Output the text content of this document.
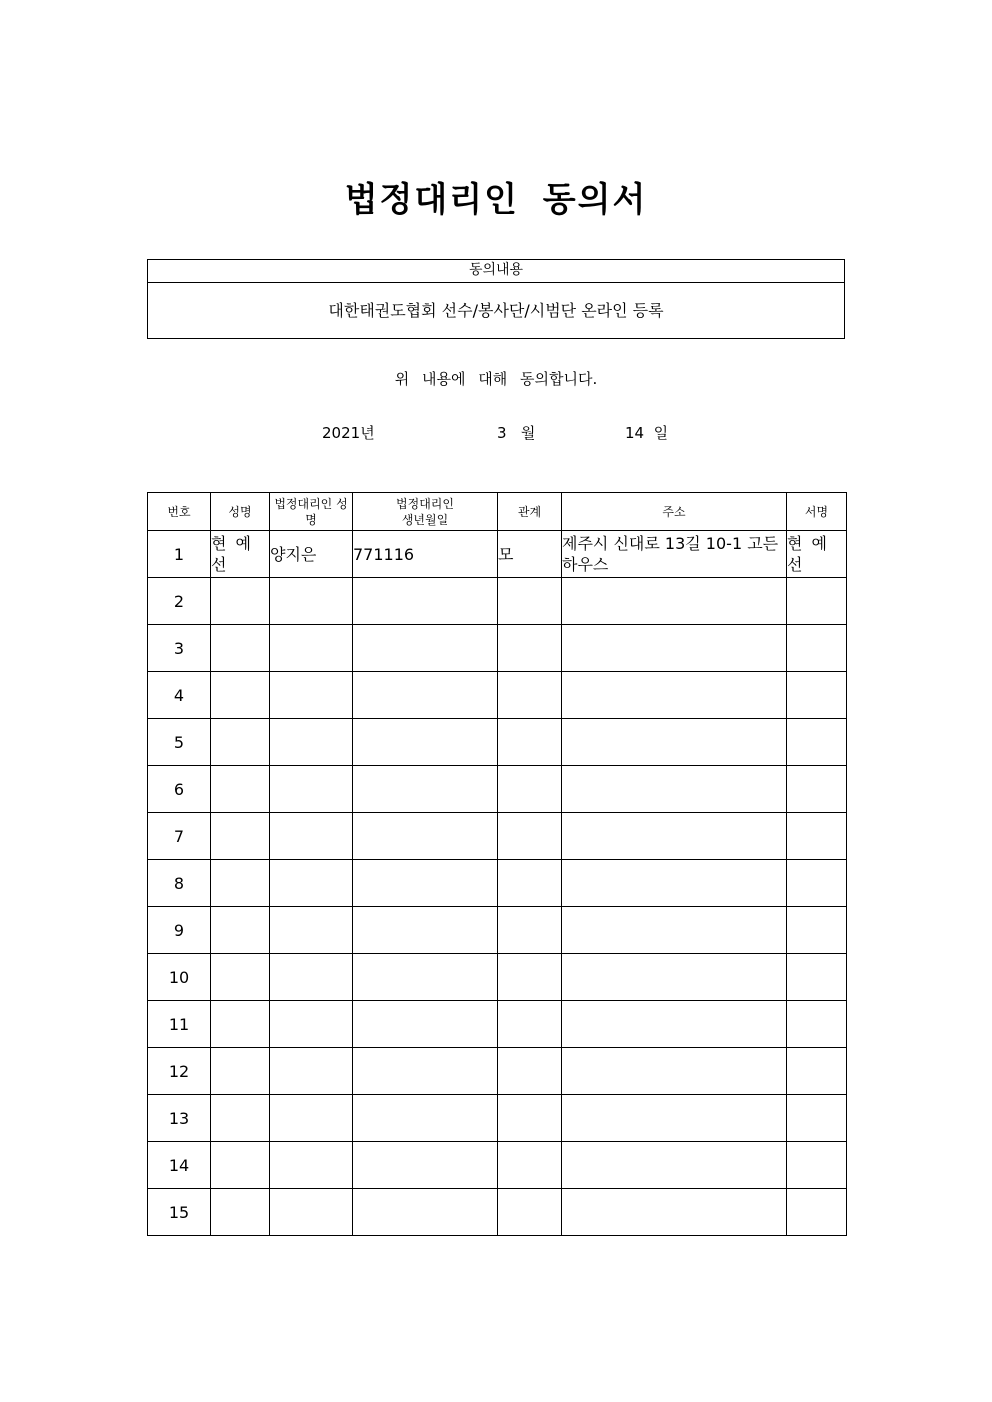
법정대리인 동의서
동의내용
대한태권도협회 선수/봉사단/시범단 온라인 등록
위 내용에 대해 동의합니다.
2021년	3 월	14 일
번호	성명	법정대리인 성명	법정대리인 생년월일	관계	주소	서명
1	현예선	양지은	771116	모	제주시 신대로 13길 10-1 고든하우스	현예선
2						
3						
4						
5						
6						
7						
8						
9						
10						
11						
12						
13						
14						
15						
